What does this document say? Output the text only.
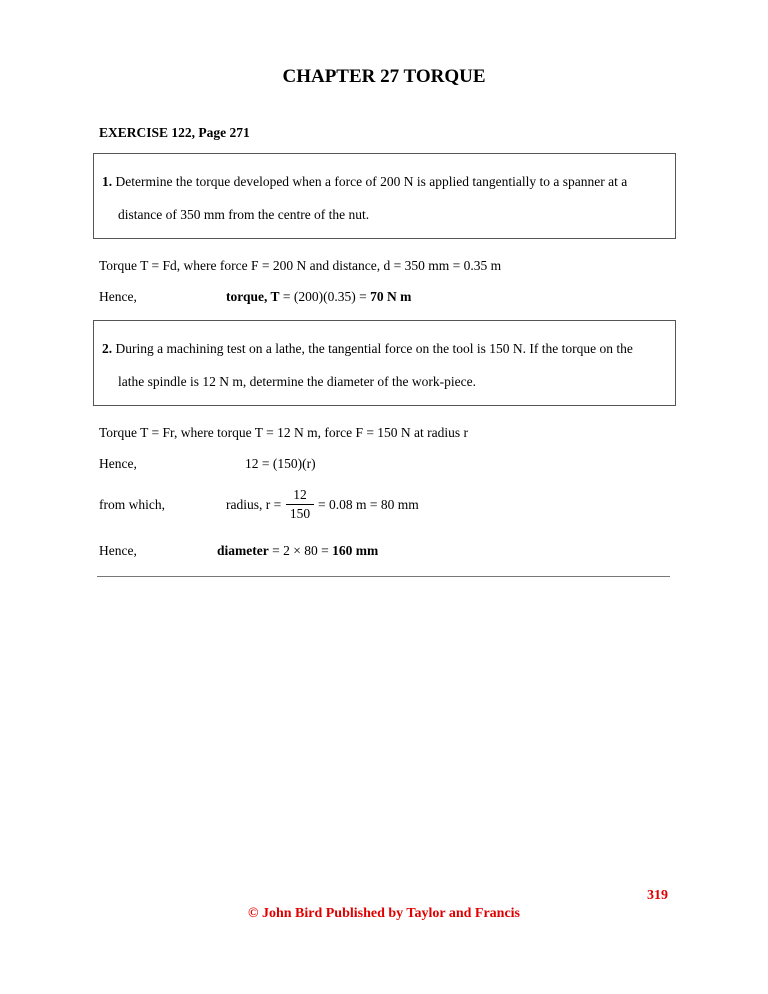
CHAPTER 27 TORQUE
EXERCISE 122, Page 271
1. Determine the torque developed when a force of 200 N is applied tangentially to a spanner at a
distance of 350 mm from the centre of the nut.
Torque T = Fd, where force F = 200 N and distance, d = 350 mm = 0.35 m
Hence,	torque, T = (200)(0.35) = 70 N m
2. During a machining test on a lathe, the tangential force on the tool is 150 N. If the torque on the
lathe spindle is 12 N m, determine the diameter of the work-piece.
Torque T = Fr, where torque T = 12 N m, force F = 150 N at radius r
Hence,	12 = (150)(r)
from which,	radius, r =
12
150
= 0.08 m = 80 mm
Hence,	diameter = 2 × 80 = 160 mm
319
© John Bird Published by Taylor and Francis
